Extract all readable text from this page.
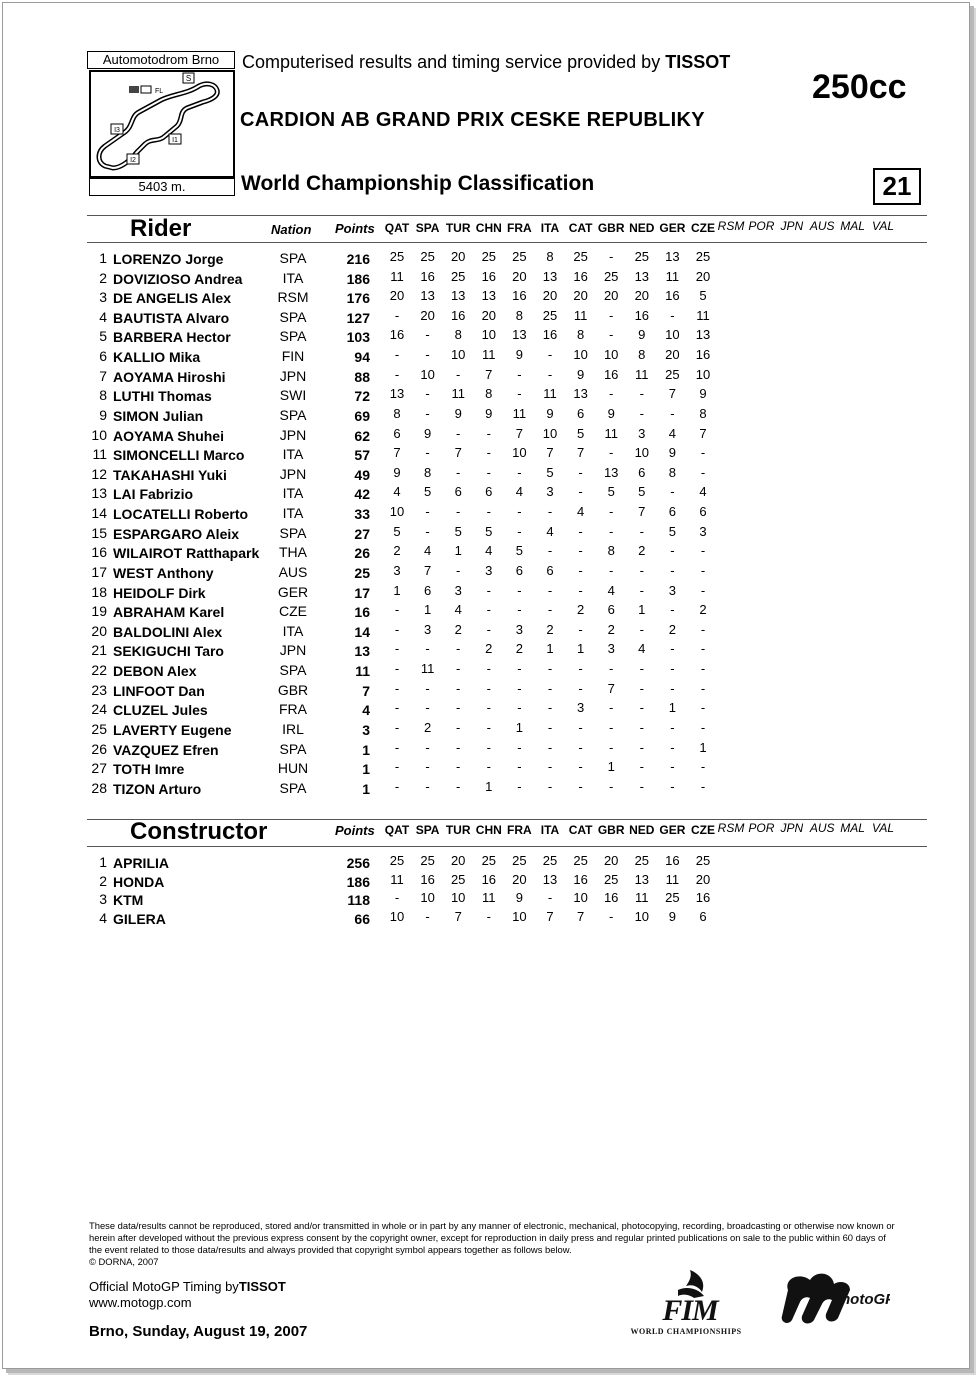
Automotodrom Brno
S
FL
I3
I1
I2
5403 m.
Computerised results and timing service provided by TISSOT
250cc
CARDION AB GRAND PRIX CESKE REPUBLIKY
World Championship Classification	21
Rider	Nation Points QAT SPA TUR CHN FRA ITA CAT GBR NED GER CZE RSM POR JPN AUS MAL VAL
1 LORENZO Jorge	SPA	216	25	25	20	25	25	8	25	-	25	13	25
2 DOVIZIOSO Andrea	ITA	186	11	16	25	16	20	13	16	25	13	11	20
3 DE ANGELIS Alex	RSM	176	20	13	13	13	16	20	20	20	20	16	5
4 BAUTISTA Alvaro	SPA	127	-	20	16	20	8	25	11	-	16	-	11
5 BARBERA Hector	SPA	103	16	-	8	10	13	16	8	-	9	10	13
6 KALLIO Mika	FIN	94	-	-	10	11	9	-	10	10	8	20	16
7 AOYAMA Hiroshi	JPN	88	-	10	-	7	-	-	9	16	11	25	10
8 LUTHI Thomas	SWI	72	13	-	11	8	-	11	13	-	-	7	9
9 SIMON Julian	SPA	69	8	-	9	9	11	9	6	9	-	-	8
10 AOYAMA Shuhei	JPN	62	6	9	-	-	7	10	5	11	3	4	7
11 SIMONCELLI Marco	ITA	57	7	-	7	-	10	7	7	-	10	9	-
12 TAKAHASHI Yuki	JPN	49	9	8	-	-	-	5	-	13	6	8	-
13 LAI Fabrizio	ITA	42	4	5	6	6	4	3	-	5	5	-	4
14 LOCATELLI Roberto	ITA	33	10	-	-	-	-	-	4	-	7	6	6
15 ESPARGARO Aleix	SPA	27	5	-	5	5	-	4	-	-	-	5	3
16 WILAIROT Ratthapark	THA	26	2	4	1	4	5	-	-	8	2	-	-
17 WEST Anthony	AUS	25	3	7	-	3	6	6	-	-	-	-	-
18 HEIDOLF Dirk	GER	17	1	6	3	-	-	-	-	4	-	3	-
19 ABRAHAM Karel	CZE	16	-	1	4	-	-	-	2	6	1	-	2
20 BALDOLINI Alex	ITA	14	-	3	2	-	3	2	-	2	-	2	-
21 SEKIGUCHI Taro	JPN	13	-	-	-	2	2	1	1	3	4	-	-
22 DEBON Alex	SPA	11	-	11	-	-	-	-	-	-	-	-	-
23 LINFOOT Dan	GBR	7	-	-	-	-	-	-	-	7	-	-	-
24 CLUZEL Jules	FRA	4	-	-	-	-	-	-	3	-	-	1	-
25 LAVERTY Eugene	IRL	3	-	2	-	-	1	-	-	-	-	-	-
26 VAZQUEZ Efren	SPA	1	-	-	-	-	-	-	-	-	-	-	1
27 TOTH Imre	HUN	1	-	-	-	-	-	-	-	1	-	-	-
28 TIZON Arturo	SPA	1	-	-	-	1	-	-	-	-	-	-	-
Constructor	Points QAT SPA TUR CHN FRA ITA CAT GBR NED GER CZE RSM POR JPN AUS MAL VAL
1 APRILIA	256	25	25	20	25	25	25	25	20	25	16	25
2 HONDA	186	11	16	25	16	20	13	16	25	13	11	20
3 KTM	118	-	10	10	11	9	-	10	16	11	25	16
4 GILERA	66	10	-	7	-	10	7	7	-	10	9	6
These data/results cannot be reproduced, stored and/or transmitted in whole or in part by any manner of electronic, mechanical, photocopying, recording, broadcasting or otherwise now known or herein after developed without the previous express consent by the copyright owner, except for reproduction in daily press and regular printed publications on sale to the public within 60 days of the event related to those data/results and always provided that copyright symbol appears together as follows below.
© DORNA, 2007
Official MotoGP Timing byTISSOT
www.motogp.com
Brno, Sunday, August 19, 2007
FIM
WORLD CHAMPIONSHIPS
motoGP
